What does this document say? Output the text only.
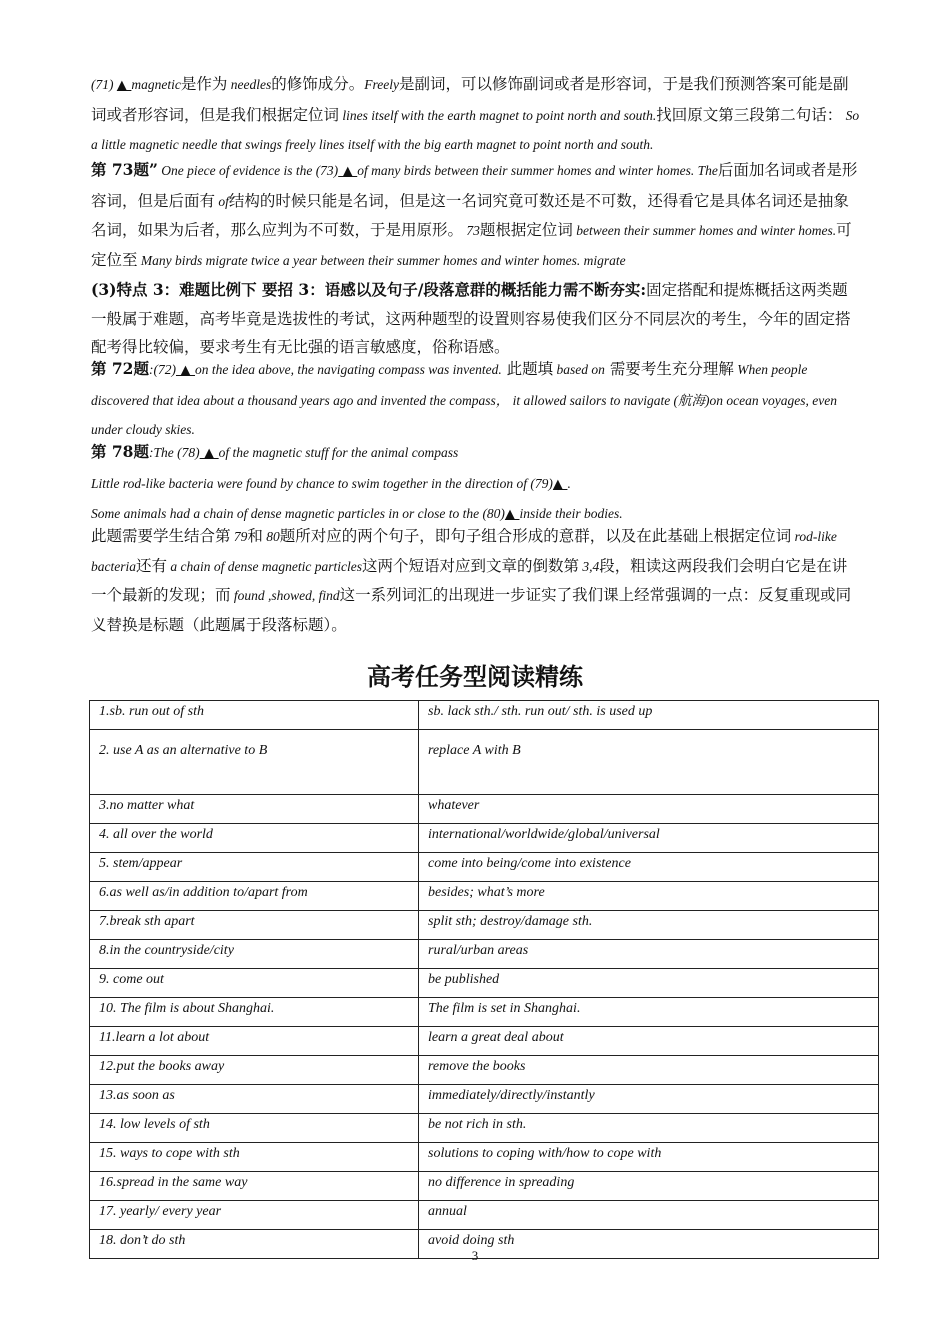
(71) ▲ magnetic是作为 needles的修饰成分。Freely是副词，可以修饰副词或者是形容词，于是我们预测答案可能是副词或者形容词，但是我们根据定位词 lines itself with the earth magnet to point north and south.找回原文第三段第二句话： So a little magnetic needle that swings freely lines itself with the big earth magnet to point north and south.
第 73题” One piece of evidence is the (73) ▲ of many birds between their summer homes and winter homes. The后面加名词或者是形容词，但是后面有 of结构的时候只能是名词，但是这一名词究竟可数还是不可数，还得看它是具体名词还是抽象名词，如果为后者，那么应判为不可数，于是用原形。 73题根据定位词 between their summer homes and winter homes.可定位至 Many birds migrate twice a year between their summer homes and winter homes. migrate
(3)特点 3：难题比例下 要招 3：语感以及句子/段落意群的概括能力需不断夯实:固定搭配和提炼概括这两类题一般属于难题，高考毕竟是选拔性的考试，这两种题型的设置则容易使我们区分不同层次的考生，今年的固定搭配考得比较偏，要求考生有无比强的语言敏感度，俗称语感。
第 72题:(72) ▲ on the idea above, the navigating compass was invented. 此题填 based on 需要考生充分理解 When people discovered that idea about a thousand years ago and invented the compass， it allowed sailors to navigate (航海)on ocean voyages, even under cloudy skies.
第 78题:The (78) ▲ of the magnetic stuff for the animal compass
Little rod-like bacteria were found by chance to swim together in the direction of (79)▲ .
Some animals had a chain of dense magnetic particles in or close to the (80)▲ inside their bodies.
此题需要学生结合第 79和 80题所对应的两个句子，即句子组合形成的意群，以及在此基础上根据定位词 rod-like bacteria还有 a chain of dense magnetic particles这两个短语对应到文章的倒数第 3,4段，粗读这两段我们会明白它是在讲一个最新的发现；而 found ,showed, find这一系列词汇的出现进一步证实了我们课上经常强调的一点：反复重现或同义替换是标题（此题属于段落标题）。
高考任务型阅读精练
1.sb. run out of sth	sb. lack sth./ sth. run out/ sth. is used up
2. use A as an alternative to B	replace A with B
3.no matter what	whatever
4. all over the world	international/worldwide/global/universal
5. stem/appear	come into being/come into existence
6.as well as/in addition to/apart from	besides; what’s more
7.break sth apart	split sth; destroy/damage sth.
8.in the countryside/city	rural/urban areas
9. come out	be published
10. The film is about Shanghai.	The film is set in Shanghai.
11.learn a lot about	learn a great deal about
12.put the books away	remove the books
13.as soon as	immediately/directly/instantly
14. low levels of sth	be not rich in sth.
15. ways to cope with sth	solutions to coping with/how to cope with
16.spread in the same way	no difference in spreading
17. yearly/ every year	annual
18. don’t do sth	avoid doing sth
3
